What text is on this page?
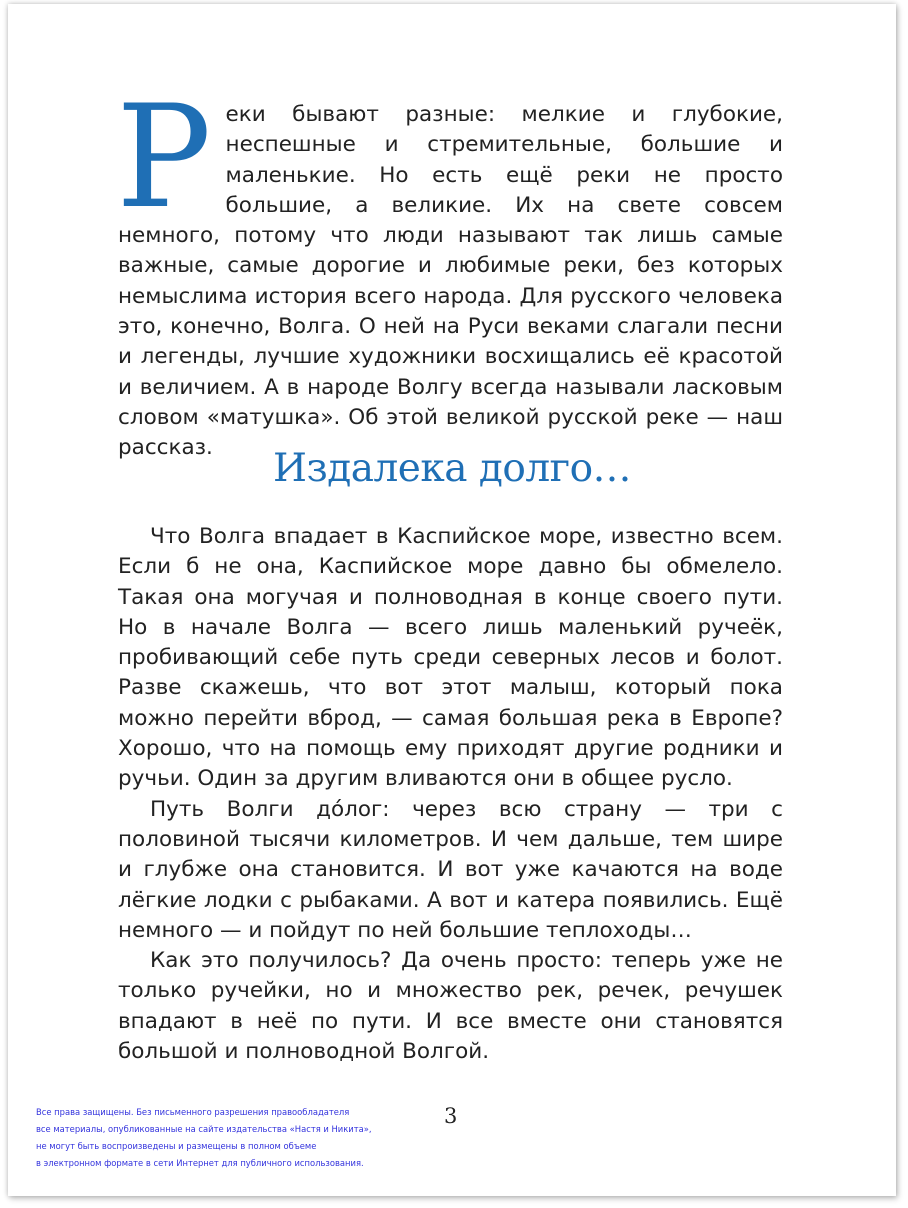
Реки бывают разные: мелкие и глубокие, неспешные и стремительные, большие и маленькие. Но есть ещё реки не просто большие, а великие. Их на свете совсем немного, потому что люди называют так лишь самые важные, самые дорогие и любимые реки, без которых немыслима история всего народа. Для русского человека это, конечно, Волга. О ней на Руси веками слагали песни и легенды, лучшие художники восхищались её красотой и величием. А в народе Волгу всегда называли ласковым словом «матушка». Об этой великой русской реке — наш рассказ.	Издалека долго…

Что Волга впадает в Каспийское море, известно всем. Если б не она, Каспийское море давно бы обмелело. Такая она могучая и полноводная в конце своего пути. Но в начале Волга — всего лишь маленький ручеёк, пробивающий себе путь среди северных лесов и болот. Разве скажешь, что вот этот малыш, который пока можно перейти вброд, — самая большая река в Европе? Хорошо, что на помощь ему приходят другие родники и ручьи. Один за другим вливаются они в общее русло.

Путь Волги до́лог: через всю страну — три с половиной тысячи километров. И чем дальше, тем шире и глубже она становится. И вот уже качаются на воде лёгкие лодки с рыбаками. А вот и катера появились. Ещё немного — и пойдут по ней большие теплоходы…

Как это получилось? Да очень просто: теперь уже не только ручейки, но и множество рек, речек, речушек впадают в неё по пути. И все вместе они становятся большой и полноводной Волгой.

Все права защищены. Без письменного разрешения правообладателя
все материалы, опубликованные на сайте издательства «Настя и Никита»,
не могут быть воспроизведены и размещены в полном объеме
в электронном формате в сети Интернет для публичного использования.
3
